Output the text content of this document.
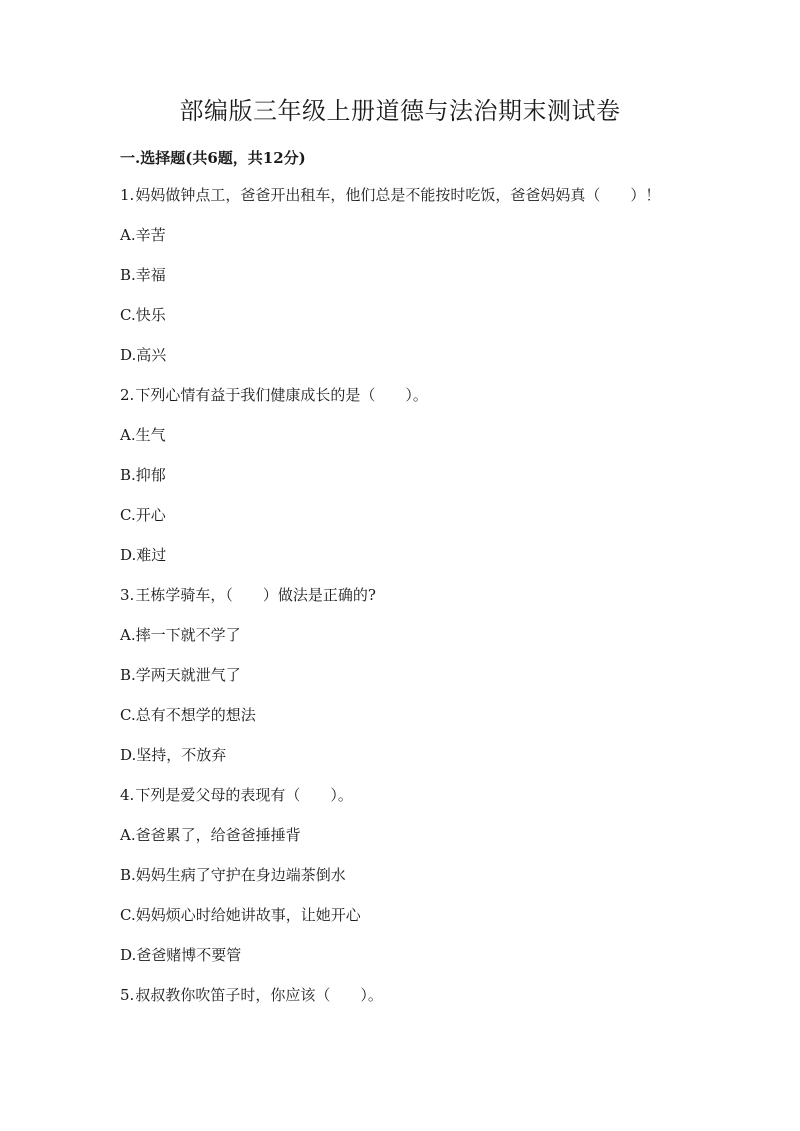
部编版三年级上册道德与法治期末测试卷
一.选择题(共6题，共12分)
1.妈妈做钟点工，爸爸开出租车，他们总是不能按时吃饭，爸爸妈妈真（　　）！
A.辛苦
B.幸福
C.快乐
D.高兴
2.下列心情有益于我们健康成长的是（　　）。
A.生气
B.抑郁
C.开心
D.难过
3.王栋学骑车，（　　）做法是正确的?
A.摔一下就不学了
B.学两天就泄气了
C.总有不想学的想法
D.坚持，不放弃
4.下列是爱父母的表现有（　　）。
A.爸爸累了，给爸爸捶捶背
B.妈妈生病了守护在身边端茶倒水
C.妈妈烦心时给她讲故事，让她开心
D.爸爸赌博不要管
5.叔叔教你吹笛子时，你应该（　　）。
